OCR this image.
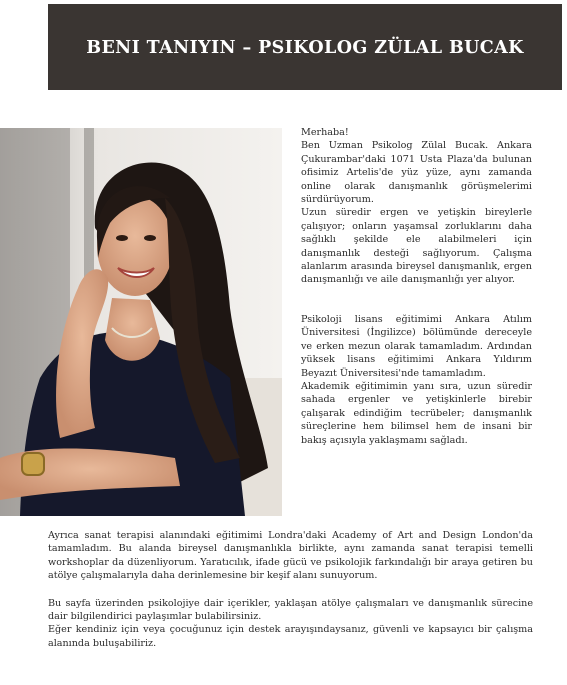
BENI TANIYIN – PSIKOLOG ZÜLAL BUCAK

Merhaba!

Ben Uzman Psikolog Zülal Bucak. Ankara Çukurambar'daki 1071 Usta Plaza'da bulunan ofisimiz Artelis'de yüz yüze, aynı zamanda online olarak danışmanlık görüşmelerimi sürdürüyorum.

Uzun süredir ergen ve yetişkin bireylerle çalışıyor; onların yaşamsal zorluklarını daha sağlıklı şekilde ele alabilmeleri için danışmanlık desteği sağlıyorum. Çalışma alanlarım arasında bireysel danışmanlık, ergen danışmanlığı ve aile danışmanlığı yer alıyor.

Psikoloji lisans eğitimimi Ankara Atılım Üniversitesi (İngilizce) bölümünde dereceyle ve erken mezun olarak tamamladım. Ardından yüksek lisans eğitimimi Ankara Yıldırım Beyazıt Üniversitesi'nde tamamladım.

Akademik eğitimimin yanı sıra, uzun süredir sahada ergenler ve yetişkinlerle birebir çalışarak edindiğim tecrübeler; danışmanlık süreçlerine hem bilimsel hem de insani bir bakış açısıyla yaklaşmamı sağladı.

Ayrıca sanat terapisi alanındaki eğitimimi Londra'daki Academy of Art and Design London'da tamamladım. Bu alanda bireysel danışmanlıkla birlikte, aynı zamanda sanat terapisi temelli workshoplar da düzenliyorum. Yaratıcılık, ifade gücü ve psikolojik farkındalığı bir araya getiren bu atölye çalışmalarıyla daha derinlemesine bir keşif alanı sunuyorum.

Bu sayfa üzerinden psikolojiye dair içerikler, yaklaşan atölye çalışmaları ve danışmanlık sürecine dair bilgilendirici paylaşımlar bulabilirsiniz.

Eğer kendiniz için veya çocuğunuz için destek arayışındaysanız, güvenli ve kapsayıcı bir çalışma alanında buluşabiliriz.
